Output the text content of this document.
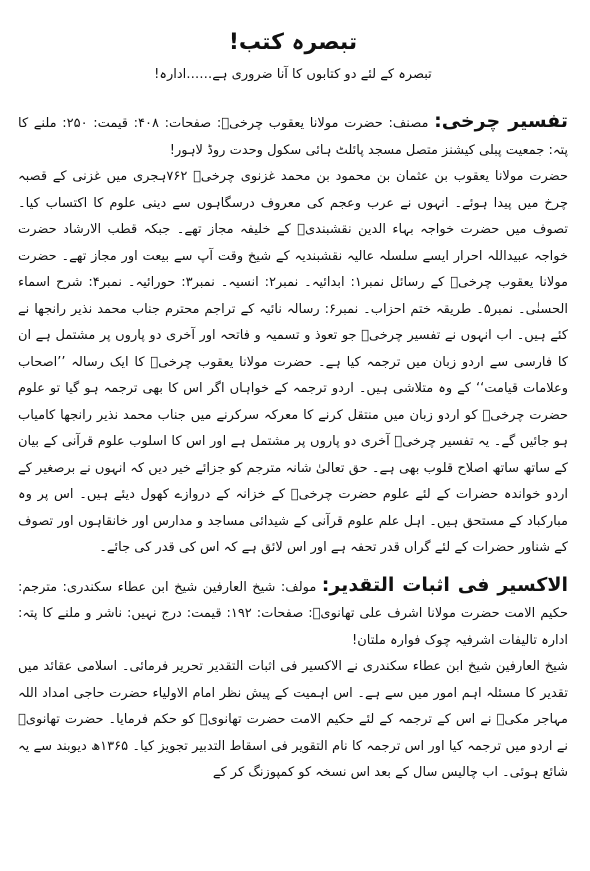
تبصرہ کتب!

تبصرہ کے لئے دو کتابوں کا آنا ضروری ہے……ادارہ!

تفسیر چرخی: مصنف: حضرت مولانا یعقوب چرخیؒ: صفحات: ۴۰۸: قیمت: ۲۵۰: ملنے کا پتہ: جمعیت پبلی کیشنز متصل مسجد پائلٹ ہائی سکول وحدت روڈ لاہور!

حضرت مولانا یعقوب بن عثمان بن محمود بن محمد غزنوی چرخیؒ ۷۶۲ہجری میں غزنی کے قصبہ چرخ میں پیدا ہوئے۔ انہوں نے عرب وعجم کی معروف درسگاہوں سے دینی علوم کا اکتساب کیا۔ تصوف میں حضرت خواجہ بہاء الدین نقشبندیؒ کے خلیفہ مجاز تھے۔ جبکہ قطب الارشاد حضرت خواجہ عبیداللہ احرار ایسے سلسلہ عالیہ نقشبندیہ کے شیخ وقت آپ سے بیعت اور مجاز تھے۔ حضرت مولانا یعقوب چرخیؒ کے رسائل نمبر۱: ابدائیہ۔ نمبر۲: انسیہ۔ نمبر۳: حورائیہ۔ نمبر۴: شرح اسماء الحسنٰی۔ نمبر۵۔ طریقہ ختم احزاب۔ نمبر۶: رسالہ نائیہ کے تراجم محترم جناب محمد نذیر رانجھا نے کئے ہیں۔ اب انہوں نے تفسیر چرخیؒ جو تعوذ و تسمیہ و فاتحہ اور آخری دو پاروں پر مشتمل ہے ان کا فارسی سے اردو زبان میں ترجمہ کیا ہے۔ حضرت مولانا یعقوب چرخیؒ کا ایک رسالہ ’’اصحاب وعلامات قیامت‘‘ کے وہ متلاشی ہیں۔ اردو ترجمہ کے خواہاں اگر اس کا بھی ترجمہ ہو گیا تو علوم حضرت چرخیؒ کو اردو زبان میں منتقل کرنے کا معرکہ سرکرنے میں جناب محمد نذیر رانجھا کامیاب ہو جائیں گے۔ یہ تفسیر چرخیؒ آخری دو پاروں پر مشتمل ہے اور اس کا اسلوب علوم قرآنی کے بیان کے ساتھ ساتھ اصلاح قلوب بھی ہے۔ حق تعالیٰ شانہ مترجم کو جزائے خیر دیں کہ انہوں نے برصغیر کے اردو خواندہ حضرات کے لئے علوم حضرت چرخیؒ کے خزانہ کے دروازے کھول دیئے ہیں۔ اس پر وہ مبارکباد کے مستحق ہیں۔ اہل علم علوم قرآنی کے شیدائی مساجد و مدارس اور خانقاہوں اور تصوف کے شناور حضرات کے لئے گراں قدر تحفہ ہے اور اس لائق ہے کہ اس کی قدر کی جائے۔

الاکسیر فی اثبات التقدیر: مولف: شیخ العارفین شیخ ابن عطاء سکندری: مترجم: حکیم الامت حضرت مولانا اشرف علی تھانویؒ: صفحات: ۱۹۲: قیمت: درج نہیں: ناشر و ملنے کا پتہ: ادارہ تالیفات اشرفیہ چوک فوارہ ملتان!

شیخ العارفین شیخ ابن عطاء سکندری نے الاکسیر فی اثبات التقدیر تحریر فرمائی۔ اسلامی عقائد میں تقدیر کا مسئلہ اہم امور میں سے ہے۔ اس اہمیت کے پیش نظر امام الاولیاء حضرت حاجی امداد اللہ مہاجر مکیؒ نے اس کے ترجمہ کے لئے حکیم الامت حضرت تھانویؒ کو حکم فرمایا۔ حضرت تھانویؒ نے اردو میں ترجمہ کیا اور اس ترجمہ کا نام التقویر فی اسقاط التدبیر تجویز کیا۔ ۱۳۶۵ھ دیوبند سے یہ شائع ہوئی۔ اب چالیس سال کے بعد اس نسخہ کو کمپوزنگ کر کے
